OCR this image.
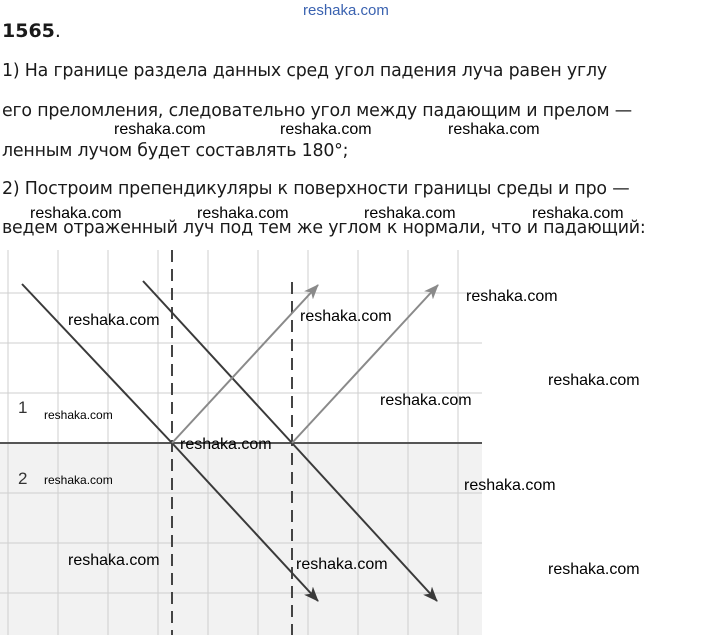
reshaka.com
1565.
1) На границе раздела данных сред угол падения луча равен углу
его преломления, следовательно угол между падающим и прелом —
ленным лучом будет составлять 180°;
2) Построим препендикуляры к поверхности границы среды и про —
ведем отраженный луч под тем же углом к нормали, что и падающий:
reshaka.com	reshaka.com	reshaka.com
reshaka.com	reshaka.com	reshaka.com	reshaka.com
1
2
reshaka.com	reshaka.com
reshaka.com
reshaka.com
reshaka.com
reshaka.com
reshaka.com
reshaka.com	reshaka.com
reshaka.com	reshaka.com	reshaka.com
